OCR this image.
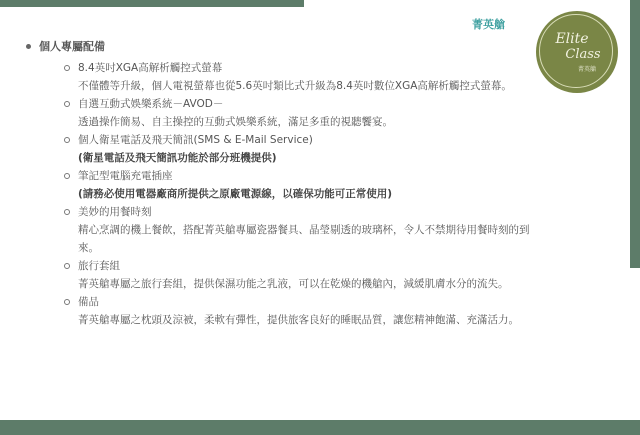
菁英艙
Elite
Class
菁英艙
個人專屬配備
8.4英吋XGA高解析觸控式螢幕
不僅體等升級，個人電視螢幕也從5.6英吋類比式升級為8.4英吋數位XGA高解析觸控式螢幕。
自選互動式娛樂系統－AVOD－
透過操作簡易、自主操控的互動式娛樂系統，滿足多重的視聽饗宴。
個人衛星電話及飛天簡訊(SMS & E-Mail Service)
(衛星電話及飛天簡訊功能於部分班機提供)
筆記型電腦充電插座
(請務必使用電器廠商所提供之原廠電源線，以確保功能可正常使用)
美妙的用餐時刻
精心烹調的機上餐飲，搭配菁英艙專屬瓷器餐具、晶瑩剔透的玻璃杯，令人不禁期待用餐時刻的到來。
旅行套組
菁英艙專屬之旅行套組，提供保濕功能之乳液，可以在乾燥的機艙內，減緩肌膚水分的流失。
備品
菁英艙專屬之枕頭及涼被，柔軟有彈性，提供旅客良好的睡眠品質，讓您精神飽滿、充滿活力。
